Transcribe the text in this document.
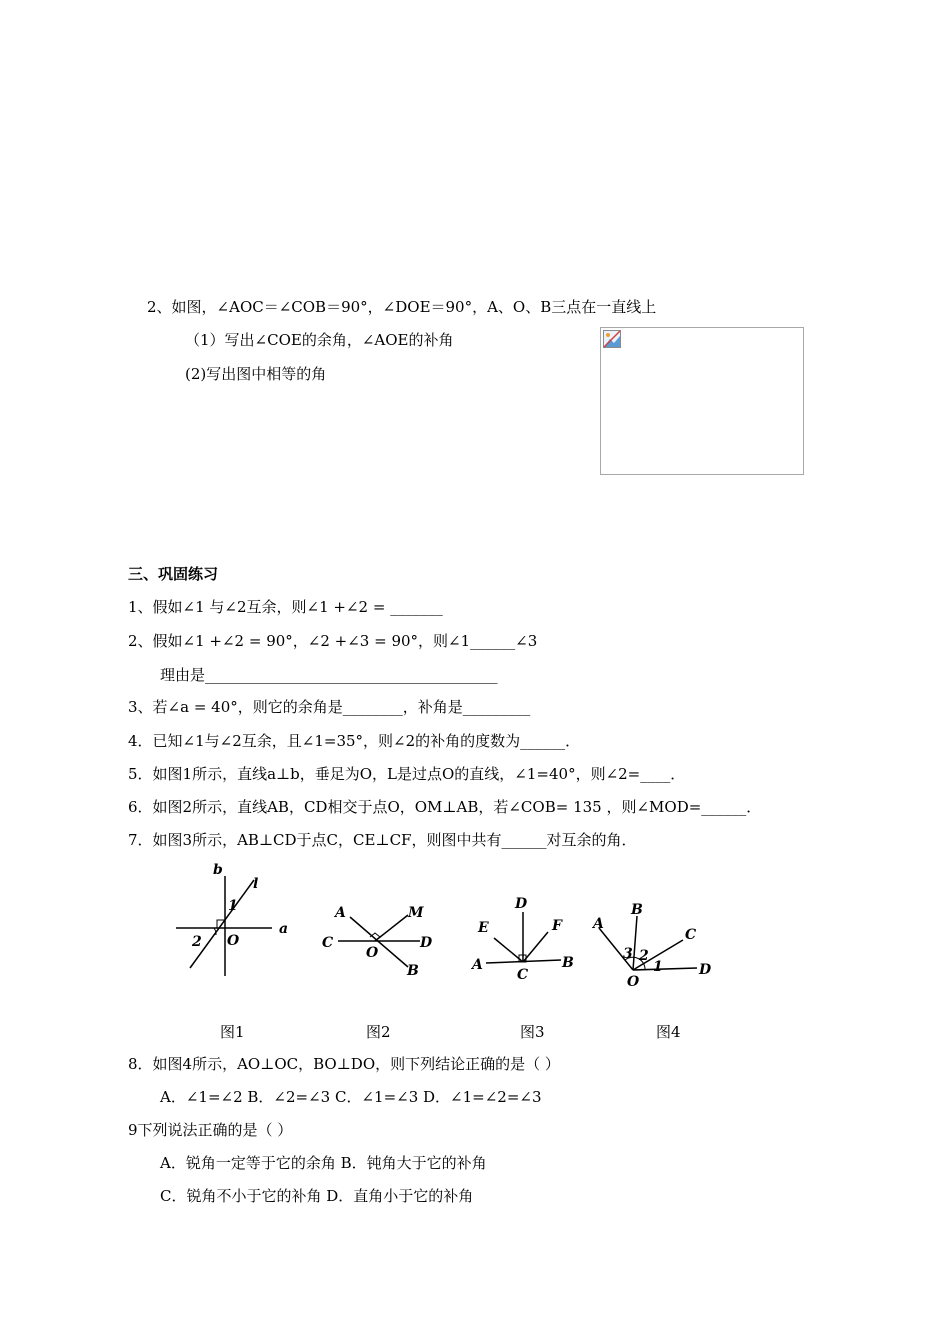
2、如图，∠AOC＝∠COB＝90°，∠DOE＝90°，A、O、B三点在一直线上
（1）写出∠COE的余角，∠AOE的补角
(2)写出图中相等的角
三、巩固练习
1、假如∠1 与∠2互余，则∠1 +∠2 = _______
2、假如∠1 +∠2 = 90°，∠2 +∠3 = 90°，则∠1______∠3
理由是_______________________________________
3、若∠a = 40°，则它的余角是________，补角是_________
4．已知∠1与∠2互余，且∠1=35°，则∠2的补角的度数为______．
5．如图1所示，直线a⊥b，垂足为O，L是过点O的直线，∠1=40°，则∠2=____．
6．如图2所示，直线AB，CD相交于点O，OM⊥AB，若∠COB= 135 ，则∠MOD=______．
7．如图3所示，AB⊥CD于点C，CE⊥CF，则图中共有______对互余的角．
b
l
1
2 O
a
图1
A	M
C
O
D
B
图2
D
E	F
A
C
B
图3
A
B
C
3 2
1
O
D
图4
8．如图4所示，AO⊥OC，BO⊥DO，则下列结论正确的是（ ）
A．∠1=∠2 B．∠2=∠3 C．∠1=∠3 D．∠1=∠2=∠3
9下列说法正确的是（ ）
A．锐角一定等于它的余角 B．钝角大于它的补角
C．锐角不小于它的补角 D．直角小于它的补角
